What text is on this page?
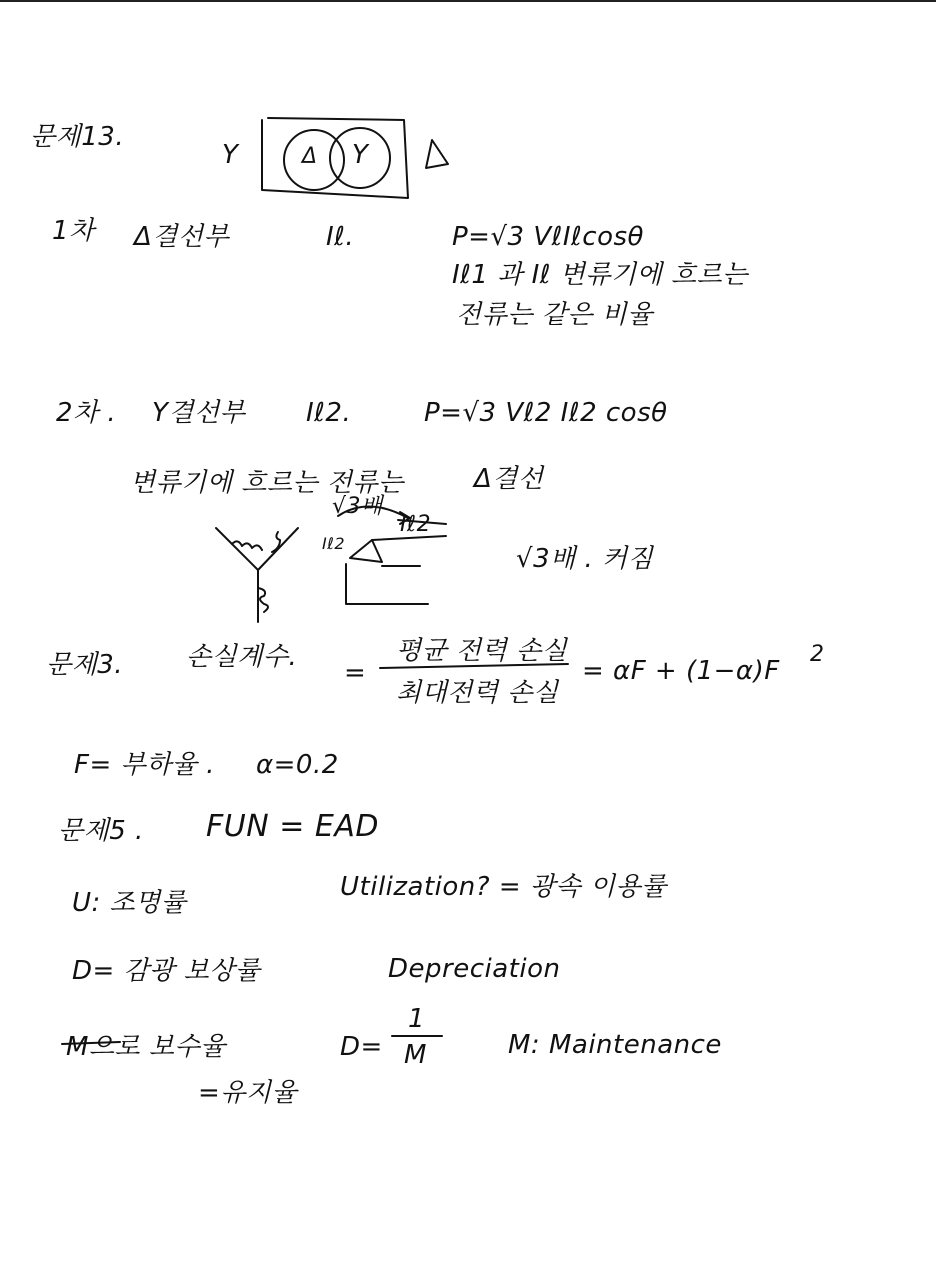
문제13.
Y	Δ Y
1차 Δ결선부	Iℓ.	P=√3 VℓIℓcosθ
Iℓ1 과 Iℓ 변류기에 흐르는
전류는 같은 비율
2차 . Y결선부 Iℓ2.	P=√3 Vℓ2 Iℓ2 cosθ
변류기에 흐르는 전류는	Δ결선
√3배
Iℓ2
Iℓ2
√3배 . 커짐
문제3. 손실계수.
=
평균 전력 손실
최대전력 손실
= αF + (1−α)F
2
F= 부하율 . α=0.2
문제5 . FUN = EAD
U: 조명률
Utilization? = 광속 이용률
D= 감광 보상률	Depreciation
M으로 보수율	D=
1
M	M: Maintenance
=유지율
